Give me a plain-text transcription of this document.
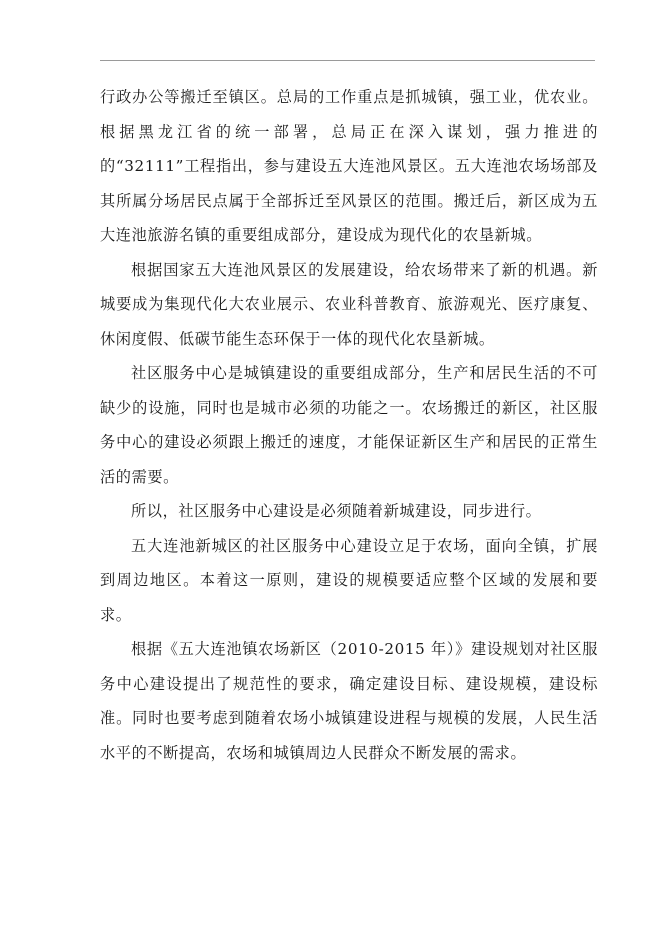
行政办公等搬迁至镇区。总局的工作重点是抓城镇，强工业，优农业。根据黑龙江省的统一部署，总局正在深入谋划，强力推进的的“32111”工程指出，参与建设五大连池风景区。五大连池农场场部及其所属分场居民点属于全部拆迁至风景区的范围。搬迁后，新区成为五大连池旅游名镇的重要组成部分，建设成为现代化的农垦新城。

根据国家五大连池风景区的发展建设，给农场带来了新的机遇。新城要成为集现代化大农业展示、农业科普教育、旅游观光、医疗康复、休闲度假、低碳节能生态环保于一体的现代化农垦新城。

社区服务中心是城镇建设的重要组成部分，生产和居民生活的不可缺少的设施，同时也是城市必须的功能之一。农场搬迁的新区，社区服务中心的建设必须跟上搬迁的速度，才能保证新区生产和居民的正常生活的需要。

所以，社区服务中心建设是必须随着新城建设，同步进行。

五大连池新城区的社区服务中心建设立足于农场，面向全镇，扩展到周边地区。本着这一原则，建设的规模要适应整个区域的发展和要求。

根据《五大连池镇农场新区（2010-2015 年）》建设规划对社区服务中心建设提出了规范性的要求，确定建设目标、建设规模，建设标准。同时也要考虑到随着农场小城镇建设进程与规模的发展，人民生活水平的不断提高，农场和城镇周边人民群众不断发展的需求。
